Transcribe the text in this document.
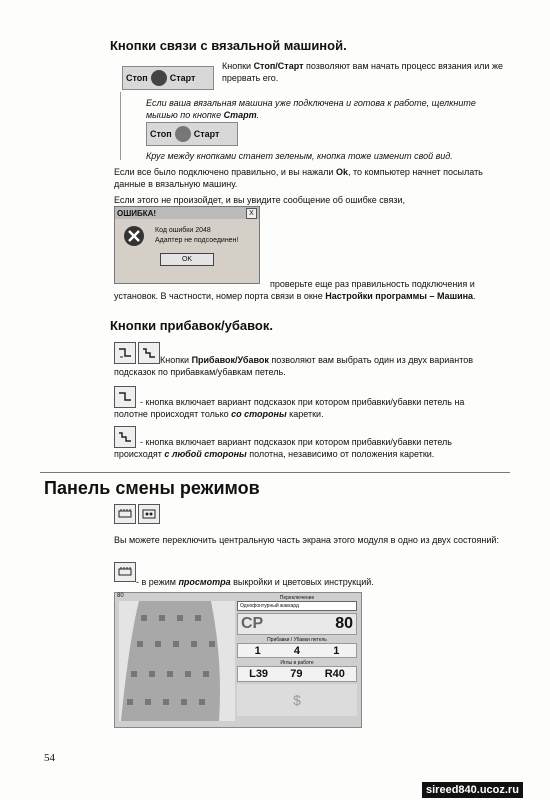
Кнопки связи с вязальной машиной.
Стоп	Старт
Кнопки Стоп/Старт позволяют вам начать процесс вязания или же прервать его.
Если ваша вязальная машина уже подключена и готова к работе, щелкните мышью по кнопке Старт.
Стоп	Старт
Круг между кнопками станет зеленым, кнопка тоже изменит свой вид.
Если все было подключено правильно, и вы нажали Ok, то компьютер начнет посылать данные в вязальную машину.
Если этого не произойдет, и вы увидите сообщение об ошибке связи,
ОШИБКА!	X
Код ошибки 2048
Адаптер не подсоединен!
OK
проверьте еще раз правильность подключения и
установок. В частности, номер порта связи в окне Настройки программы – Машина.
Кнопки прибавок/убавок.
Кнопки Прибавок/Убавок позволяют вам выбрать один из двух вариантов
подсказок по прибавкам/убавкам петель.
- кнопка включает вариант подсказок при котором прибавки/убавки петель на
полотне происходят только со стороны каретки.
- кнопка включает вариант подсказок при котором прибавки/убавки петель
происходят с любой стороны полотна, независимо от положения каретки.
Панель смены режимов
Вы можете переключить центральную часть экрана этого модуля в одно из двух состояний:
- в режим просмотра выкройки и цветовых инструкций.
80	Переключение
Однофонтурный жаккард
CP	80
Прибавки / Убавки петель
1	4	1
Иглы в работе
L39 79 R40
$
54
sireed840.ucoz.ru
